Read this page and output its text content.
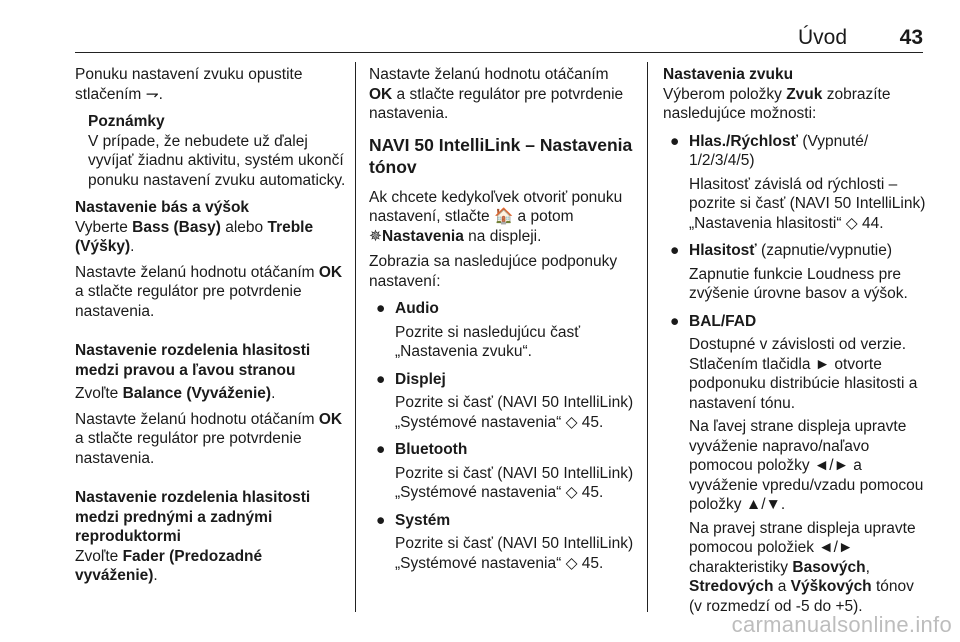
Úvod	43

Ponuku nastavení zvuku opustite stlačením ⇁.

Poznámky
V prípade, že nebudete už ďalej vyvíjať žiadnu aktivitu, systém ukončí ponuku nastavení zvuku automaticky.
Nastavenie bás a výšok

Vyberte Bass (Basy) alebo Treble (Výšky).

Nastavte želanú hodnotu otáčaním OK a stlačte regulátor pre potvrdenie nastavenia.

Nastavenie rozdelenia hlasitosti medzi pravou a ľavou stranou

Zvoľte Balance (Vyváženie).

Nastavte želanú hodnotu otáčaním OK a stlačte regulátor pre potvrdenie nastavenia.

Nastavenie rozdelenia hlasitosti medzi prednými a zadnými reproduktormi

Zvoľte Fader (Predozadné vyváženie).

Nastavte želanú hodnotu otáčaním OK a stlačte regulátor pre potvrdenie nastavenia.

NAVI 50 IntelliLink – Nastavenia tónov

Ak chcete kedykoľvek otvoriť ponuku nastavení, stlačte 🏠 a potom
✵Nastavenia na displeji.

Zobrazia sa nasledujúce podponuky nastavení:

● Audio
Pozrite si nasledujúcu časť „Nastavenia zvuku“.
● Displej
Pozrite si časť (NAVI 50 IntelliLink) „Systémové nastavenia“ ◇ 45.
● Bluetooth
Pozrite si časť (NAVI 50 IntelliLink) „Systémové nastavenia“ ◇ 45.
● Systém
Pozrite si časť (NAVI 50 IntelliLink) „Systémové nastavenia“ ◇ 45.
Nastavenia zvuku

Výberom položky Zvuk zobrazíte nasledujúce možnosti:

● Hlas./Rýchlosť (Vypnuté/ 1/2/3/4/5)
Hlasitosť závislá od rýchlosti – pozrite si časť (NAVI 50 IntelliLink) „Nastavenia hlasitosti“ ◇ 44.
● Hlasitosť (zapnutie/vypnutie)
Zapnutie funkcie Loudness pre zvýšenie úrovne basov a výšok.
● BAL/FAD
Dostupné v závislosti od verzie. Stlačením tlačidla ► otvorte podponuku distribúcie hlasitosti a nastavení tónu.
Na ľavej strane displeja upravte vyváženie napravo/naľavo pomocou položky ◄/► a vyváženie vpredu/vzadu pomocou položky ▲/▼.
Na pravej strane displeja upravte pomocou položiek ◄/► charakteristiky Basových, Stredových a Výškových tónov (v rozmedzí od -5 do +5).
carmanualsonline.info
